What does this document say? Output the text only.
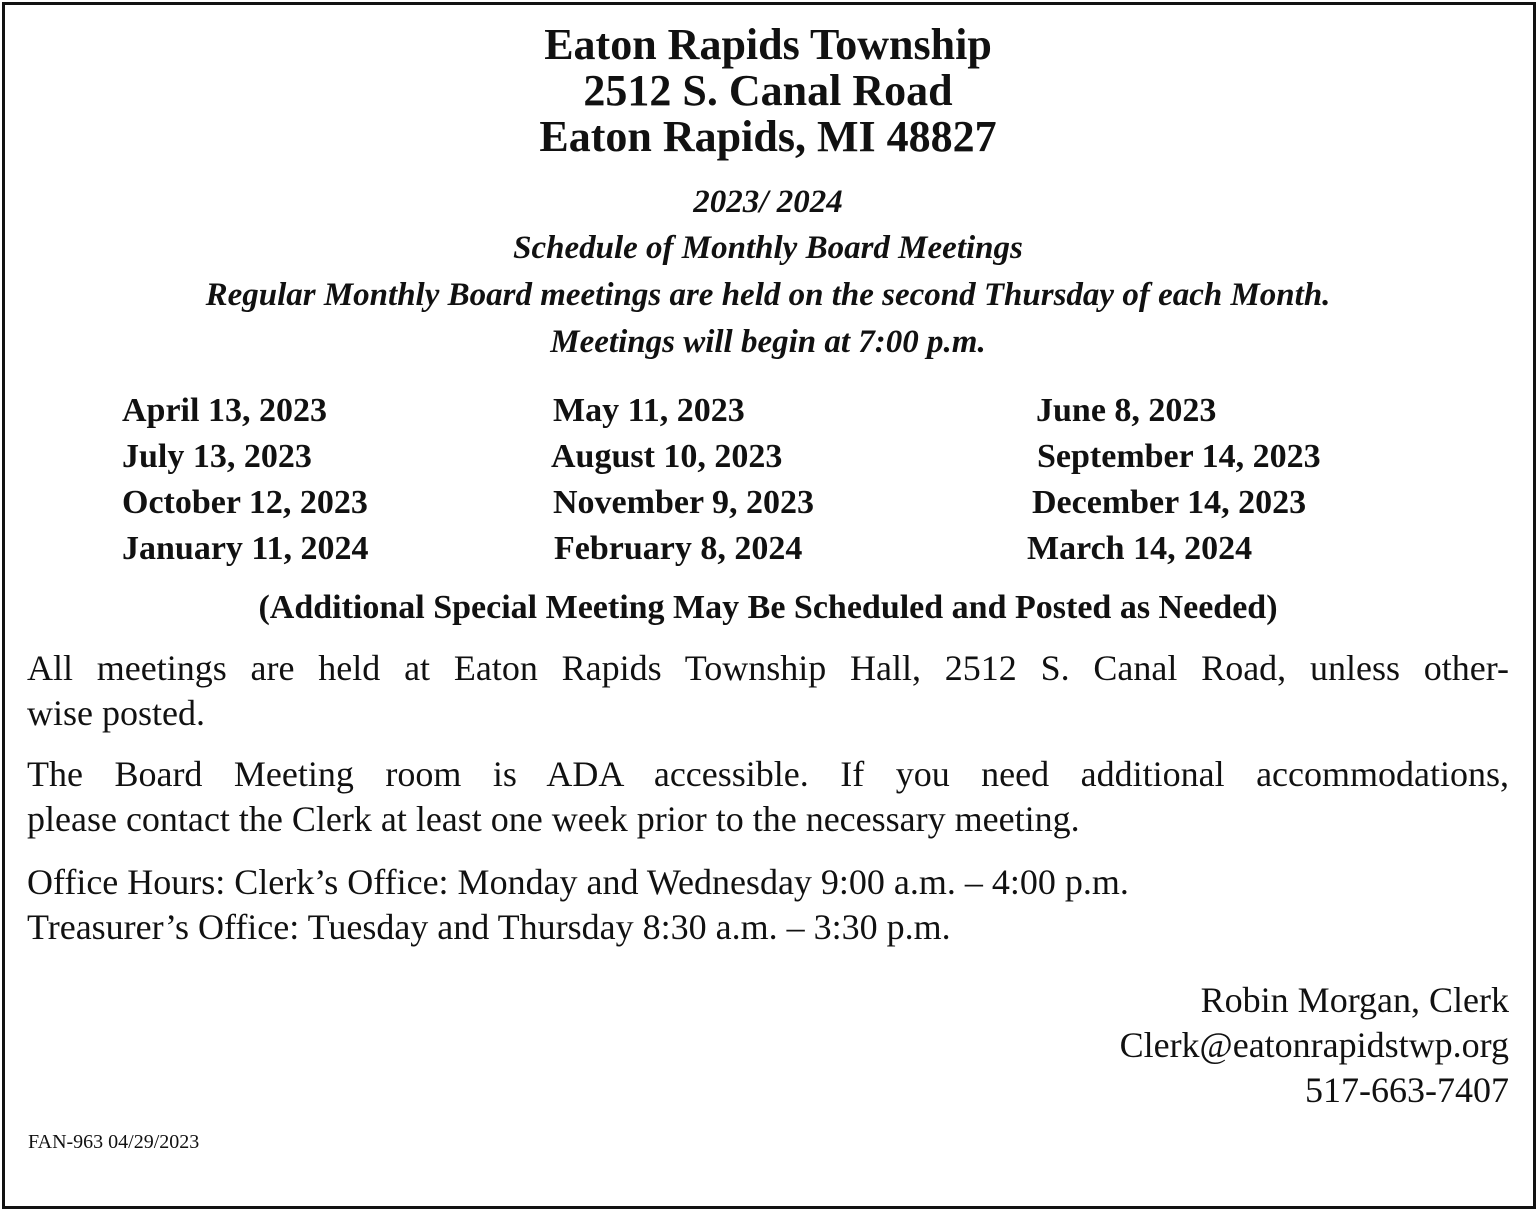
Eaton Rapids Township
2512 S. Canal Road
Eaton Rapids, MI 48827
2023/ 2024
Schedule of Monthly Board Meetings
Regular Monthly Board meetings are held on the second Thursday of each Month.
Meetings will begin at 7:00 p.m.
April 13, 2023	May 11, 2023	June 8, 2023
July 13, 2023	August 10, 2023	September 14, 2023
October 12, 2023	November 9, 2023	December 14, 2023
January 11, 2024	February 8, 2024	March 14, 2024
(Additional Special Meeting May Be Scheduled and Posted as Needed)
All meetings are held at Eaton Rapids Township Hall, 2512 S. Canal Road, unless other-
wise posted.
The Board Meeting room is ADA accessible. If you need additional accommodations,
please contact the Clerk at least one week prior to the necessary meeting.
Office Hours: Clerk’s Office: Monday and Wednesday 9:00 a.m. – 4:00 p.m.
Treasurer’s Office: Tuesday and Thursday 8:30 a.m. – 3:30 p.m.
Robin Morgan, Clerk
Clerk@eatonrapidstwp.org
517-663-7407
FAN-963 04/29/2023
